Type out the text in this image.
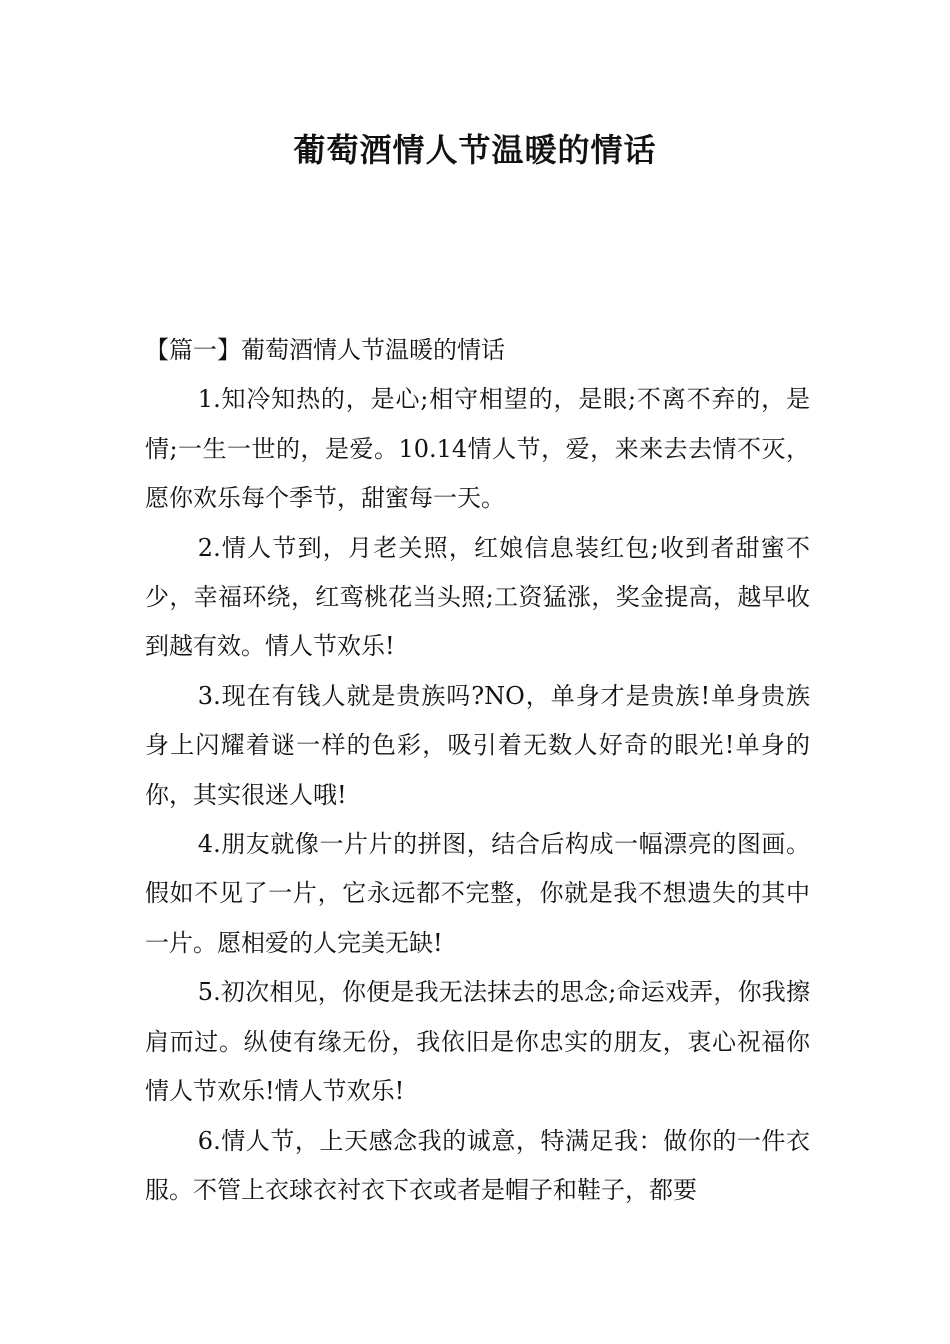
葡萄酒情人节温暖的情话

【篇一】葡萄酒情人节温暖的情话

1.知冷知热的，是心;相守相望的，是眼;不离不弃的，是情;一生一世的，是爱。10.14情人节，爱，来来去去情不灭，愿你欢乐每个季节，甜蜜每一天。

2.情人节到，月老关照，红娘信息装红包;收到者甜蜜不少，幸福环绕，红鸾桃花当头照;工资猛涨，奖金提高，越早收到越有效。情人节欢乐!

3.现在有钱人就是贵族吗?NO，单身才是贵族!单身贵族身上闪耀着谜一样的色彩，吸引着无数人好奇的眼光!单身的你，其实很迷人哦!

4.朋友就像一片片的拼图，结合后构成一幅漂亮的图画。假如不见了一片，它永远都不完整，你就是我不想遗失的其中一片。愿相爱的人完美无缺!

5.初次相见，你便是我无法抹去的思念;命运戏弄，你我擦肩而过。纵使有缘无份，我依旧是你忠实的朋友，衷心祝福你情人节欢乐!情人节欢乐!

6.情人节，上天感念我的诚意，特满足我：做你的一件衣服。不管上衣球衣衬衣下衣或者是帽子和鞋子，都要
